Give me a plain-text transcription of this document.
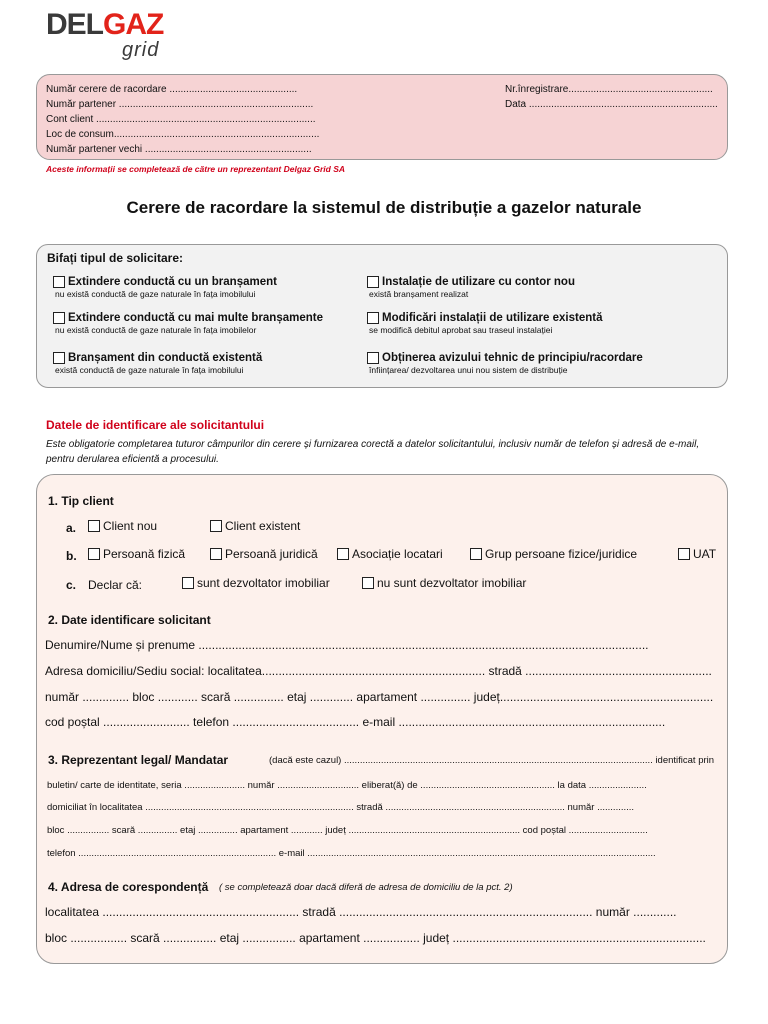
DELGAZ
grid
Număr cerere de racordare ..............................................
Număr partener ......................................................................
Cont client ...............................................................................
Loc de consum..........................................................................
Număr partener vechi ............................................................
Nr.înregistrare....................................................
Data ....................................................................
Aceste informații se completează de către un reprezentant Delgaz Grid SA
Cerere de racordare la sistemul de distribuție a gazelor naturale
Bifați tipul de solicitare:
Extindere conductă cu un branșament
nu există conductă de gaze naturale în fața imobilului
Instalație de utilizare cu contor nou
există branșament realizat
Extindere conductă cu mai multe branșamente
nu există conductă de gaze naturale în fața imobilelor
Modificări instalații de utilizare existentă
se modifică debitul aprobat sau traseul instalației
Branșament din conductă existentă
există conductă de gaze naturale în fața imobilului
Obținerea avizului tehnic de principiu/racordare
înființarea/ dezvoltarea unui nou sistem de distribuție
Datele de identificare ale solicitantului
Este obligatorie completarea tuturor câmpurilor din cerere și furnizarea corectă a datelor solicitantului, inclusiv număr de telefon și adresă de e-mail, pentru derularea eficientă a procesului.
1. Tip client
a. Client nou	Client existent
b. Persoană fizică	Persoană juridică	Asociație locatari	Grup persoane fizice/juridice	UAT
c. Declar că:	sunt dezvoltator imobiliar	nu sunt dezvoltator imobiliar
2. Date identificare solicitant
Denumire/Nume și prenume .......................................................................................................................................
Adresa domiciliu/Sediu social: localitatea................................................................... stradă ........................................................
număr .............. bloc ............ scară ............... etaj ............. apartament ............... județ................................................................
cod poștal .......................... telefon ...................................... e-mail ................................................................................
3. Reprezentant legal/ Mandatar	(dacă este cazul) ..................................................................................................................... identificat prin
buletin/ carte de identitate, seria ....................... număr ............................... eliberat(ă) de ................................................... la data ......................
domiciliat în localitatea ............................................................................... stradă .................................................................... număr ..............
bloc ................ scară ............... etaj ............... apartament ............ județ ................................................................. cod poștal ..............................
telefon ........................................................................... e-mail ....................................................................................................................................
4. Adresa de corespondență ( se completează doar dacă diferă de adresa de domiciliu de la pct. 2)
localitatea ........................................................... stradă ............................................................................ număr .............
bloc ................. scară ................ etaj ................ apartament ................. județ ............................................................................
